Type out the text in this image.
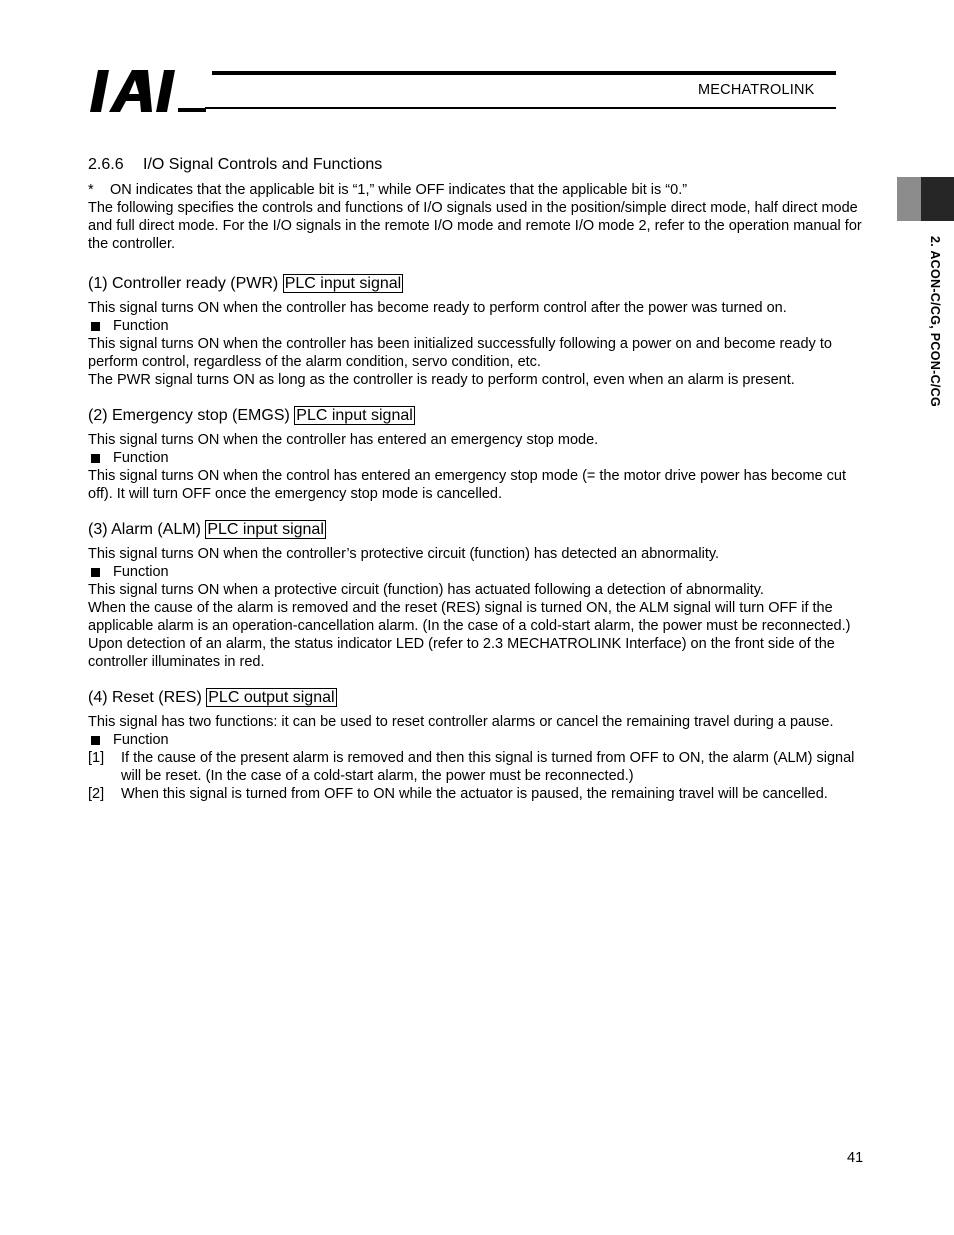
MECHATROLINK
2. ACON-C/CG, PCON-C/CG
2.6.6 I/O Signal Controls and Functions
*	ON indicates that the applicable bit is “1,” while OFF indicates that the applicable bit is “0.”

The following specifies the controls and functions of I/O signals used in the position/simple direct mode, half direct mode and full direct mode. For the I/O signals in the remote I/O mode and remote I/O mode 2, refer to the operation manual for the controller.

(1) Controller ready (PWR) PLC input signal

This signal turns ON when the controller has become ready to perform control after the power was turned on.

Function

This signal turns ON when the controller has been initialized successfully following a power on and become ready to perform control, regardless of the alarm condition, servo condition, etc.

The PWR signal turns ON as long as the controller is ready to perform control, even when an alarm is present.

(2) Emergency stop (EMGS) PLC input signal

This signal turns ON when the controller has entered an emergency stop mode.

Function

This signal turns ON when the control has entered an emergency stop mode (= the motor drive power has become cut off). It will turn OFF once the emergency stop mode is cancelled.

(3) Alarm (ALM) PLC input signal

This signal turns ON when the controller’s protective circuit (function) has detected an abnormality.

Function

This signal turns ON when a protective circuit (function) has actuated following a detection of abnormality.

When the cause of the alarm is removed and the reset (RES) signal is turned ON, the ALM signal will turn OFF if the applicable alarm is an operation-cancellation alarm. (In the case of a cold-start alarm, the power must be reconnected.)

Upon detection of an alarm, the status indicator LED (refer to 2.3 MECHATROLINK Interface) on the front side of the controller illuminates in red.

(4) Reset (RES) PLC output signal

This signal has two functions: it can be used to reset controller alarms or cancel the remaining travel during a pause.

Function
[1]	If the cause of the present alarm is removed and then this signal is turned from OFF to ON, the alarm (ALM) signal will be reset. (In the case of a cold-start alarm, the power must be reconnected.)
[2]	When this signal is turned from OFF to ON while the actuator is paused, the remaining travel will be cancelled.
41
